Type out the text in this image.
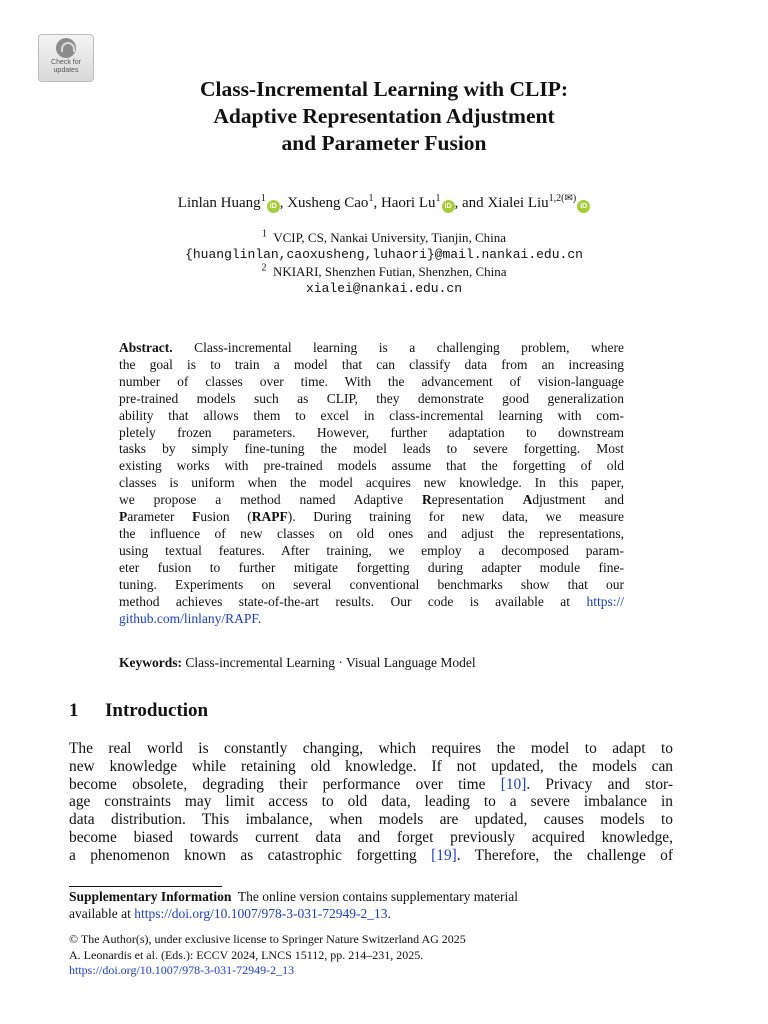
Check for
updates
Class-Incremental Learning with CLIP:
Adaptive Representation Adjustment
and Parameter Fusion
Linlan Huang$^1$iD , Xusheng Cao$^1$, Haori Lu$^1$iD , and Xialei Liu$^{1,2(✉)}$iD
$^1$ VCIP, CS, Nankai University, Tianjin, China
{huanglinlan,caoxusheng,luhaori}@mail.nankai.edu.cn
$^2$ NKIARI, Shenzhen Futian, Shenzhen, China
xialei@nankai.edu.cn
Abstract. Class-incremental learning is a challenging problem, where
the goal is to train a model that can classify data from an increasing
number of classes over time. With the advancement of vision-language
pre-trained models such as CLIP, they demonstrate good generalization
ability that allows them to excel in class-incremental learning with com-
pletely frozen parameters. However, further adaptation to downstream
tasks by simply fine-tuning the model leads to severe forgetting. Most
existing works with pre-trained models assume that the forgetting of old
classes is uniform when the model acquires new knowledge. In this paper,
we propose a method named Adaptive Representation Adjustment and
Parameter Fusion (RAPF). During training for new data, we measure
the influence of new classes on old ones and adjust the representations,
using textual features. After training, we employ a decomposed param-
eter fusion to further mitigate forgetting during adapter module fine-
tuning. Experiments on several conventional benchmarks show that our
method achieves state-of-the-art results. Our code is available at https://
github.com/linlany/RAPF.
Keywords: Class-incremental Learning · Visual Language Model
1 Introduction
The real world is constantly changing, which requires the model to adapt to
new knowledge while retaining old knowledge. If not updated, the models can
become obsolete, degrading their performance over time [10]. Privacy and stor-
age constraints may limit access to old data, leading to a severe imbalance in
data distribution. This imbalance, when models are updated, causes models to
become biased towards current data and forget previously acquired knowledge,
a phenomenon known as catastrophic forgetting [19]. Therefore, the challenge of
Supplementary Information The online version contains supplementary material
available at https://doi.org/10.1007/978-3-031-72949-2_13.
© The Author(s), under exclusive license to Springer Nature Switzerland AG 2025
A. Leonardis et al. (Eds.): ECCV 2024, LNCS 15112, pp. 214–231, 2025.
https://doi.org/10.1007/978-3-031-72949-2_13
